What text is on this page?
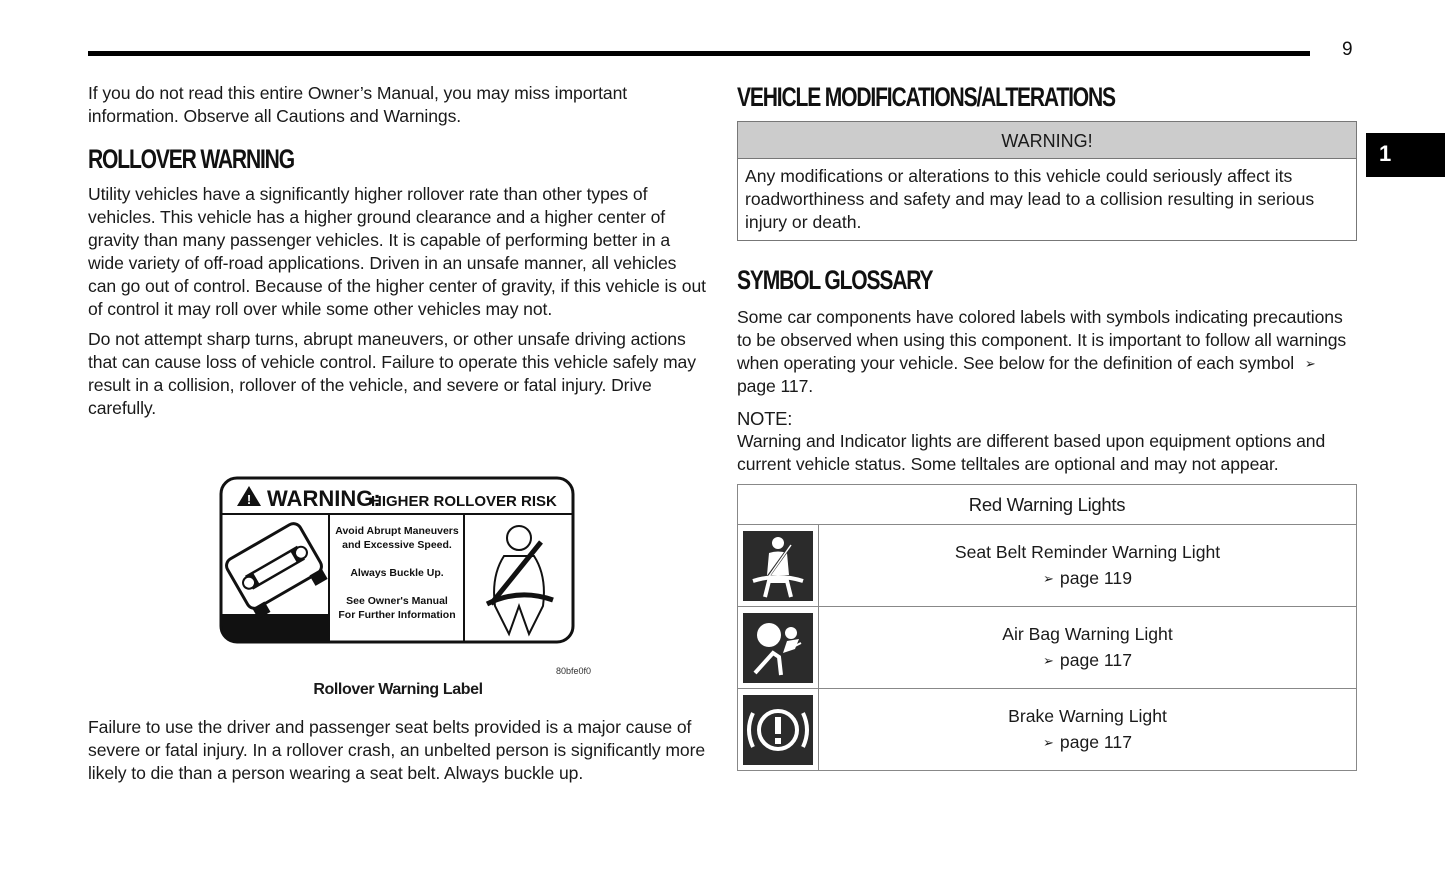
9
1

If you do not read this entire Owner’s Manual, you may miss important information. Observe all Cautions and Warnings.

ROLLOVER WARNING

Utility vehicles have a significantly higher rollover rate than other types of vehicles. This vehicle has a higher ground clearance and a higher center of gravity than many passenger vehicles. It is capable of performing better in a wide variety of off-road applications. Driven in an unsafe manner, all vehicles can go out of control. Because of the higher center of gravity, if this vehicle is out of control it may roll over while some other vehicles may not.

Do not attempt sharp turns, abrupt maneuvers, or other unsafe driving actions that can cause loss of vehicle control. Failure to operate this vehicle safely may result in a collision, rollover of the vehicle, and severe or fatal injury. Drive carefully.

! WARNING:
HIGHER ROLLOVER RISK
Avoid Abrupt Maneuvers
and Excessive Speed.
Always Buckle Up.
See Owner's Manual
For Further Information
80bfe0f0
Rollover Warning Label

Failure to use the driver and passenger seat belts provided is a major cause of severe or fatal injury. In a rollover crash, an unbelted person is significantly more likely to die than a person wearing a seat belt. Always buckle up.

VEHICLE MODIFICATIONS/ALTERATIONS
WARNING!
Any modifications or alterations to this vehicle could seriously affect its roadworthiness and safety and may lead to a collision resulting in serious injury or death.
SYMBOL GLOSSARY

Some car components have colored labels with symbols indicating precautions to be observed when using this component. It is important to follow all warnings when operating your vehicle. See below for the definition of each symbol ➢page 117.

NOTE:

Warning and Indicator lights are different based upon equipment options and current vehicle status. Some telltales are optional and may not appear.

Red Warning Lights	

Seat Belt Reminder Warning Light
➢ page 119

Air Bag Warning Light
➢ page 117

Brake Warning Light
➢ page 117
